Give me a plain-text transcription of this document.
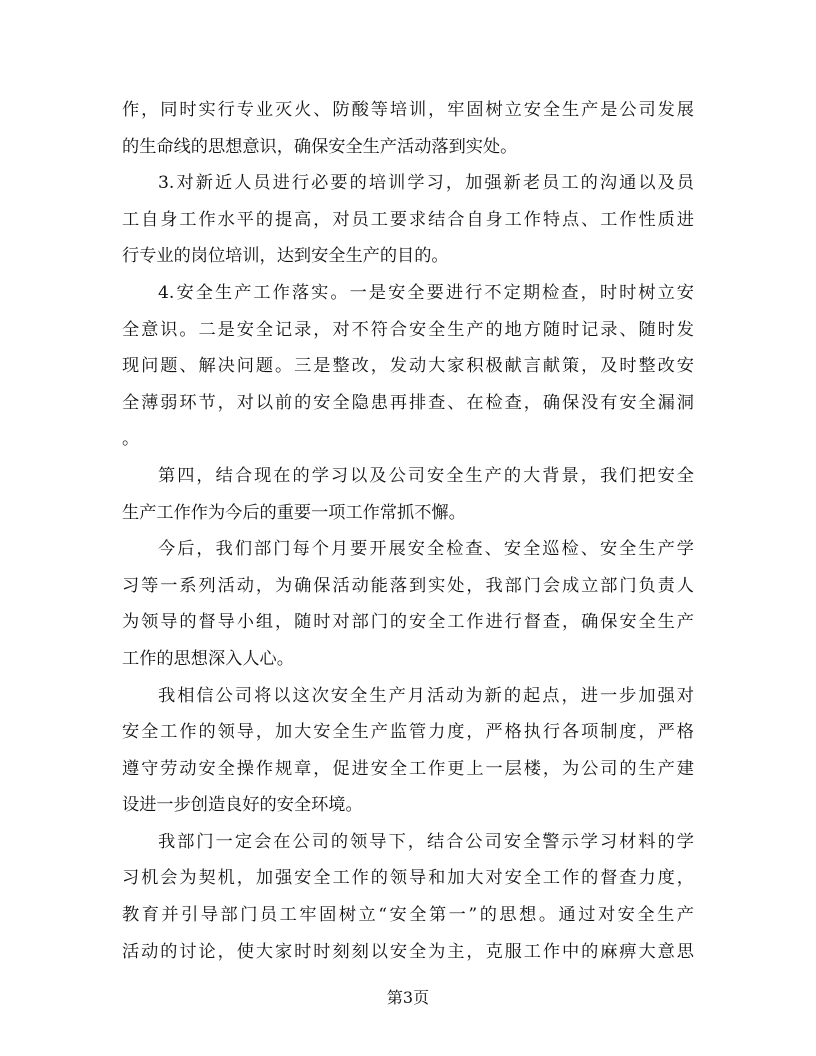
作，同时实行专业灭火、防酸等培训，牢固树立安全生产是公司发展
的生命线的思想意识，确保安全生产活动落到实处。
3.对新近人员进行必要的培训学习，加强新老员工的沟通以及员
工自身工作水平的提高，对员工要求结合自身工作特点、工作性质进
行专业的岗位培训，达到安全生产的目的。
4.安全生产工作落实。一是安全要进行不定期检查，时时树立安
全意识。二是安全记录，对不符合安全生产的地方随时记录、随时发
现问题、解决问题。三是整改，发动大家积极献言献策，及时整改安
全薄弱环节，对以前的安全隐患再排查、在检查，确保没有安全漏洞
。
第四，结合现在的学习以及公司安全生产的大背景，我们把安全
生产工作作为今后的重要一项工作常抓不懈。
今后，我们部门每个月要开展安全检查、安全巡检、安全生产学
习等一系列活动，为确保活动能落到实处，我部门会成立部门负责人
为领导的督导小组，随时对部门的安全工作进行督查，确保安全生产
工作的思想深入人心。
我相信公司将以这次安全生产月活动为新的起点，进一步加强对
安全工作的领导，加大安全生产监管力度，严格执行各项制度，严格
遵守劳动安全操作规章，促进安全工作更上一层楼，为公司的生产建
设进一步创造良好的安全环境。
我部门一定会在公司的领导下，结合公司安全警示学习材料的学
习机会为契机，加强安全工作的领导和加大对安全工作的督查力度，
教育并引导部门员工牢固树立“安全第一”的思想。通过对安全生产
活动的讨论，使大家时时刻刻以安全为主，克服工作中的麻痹大意思
第3页
